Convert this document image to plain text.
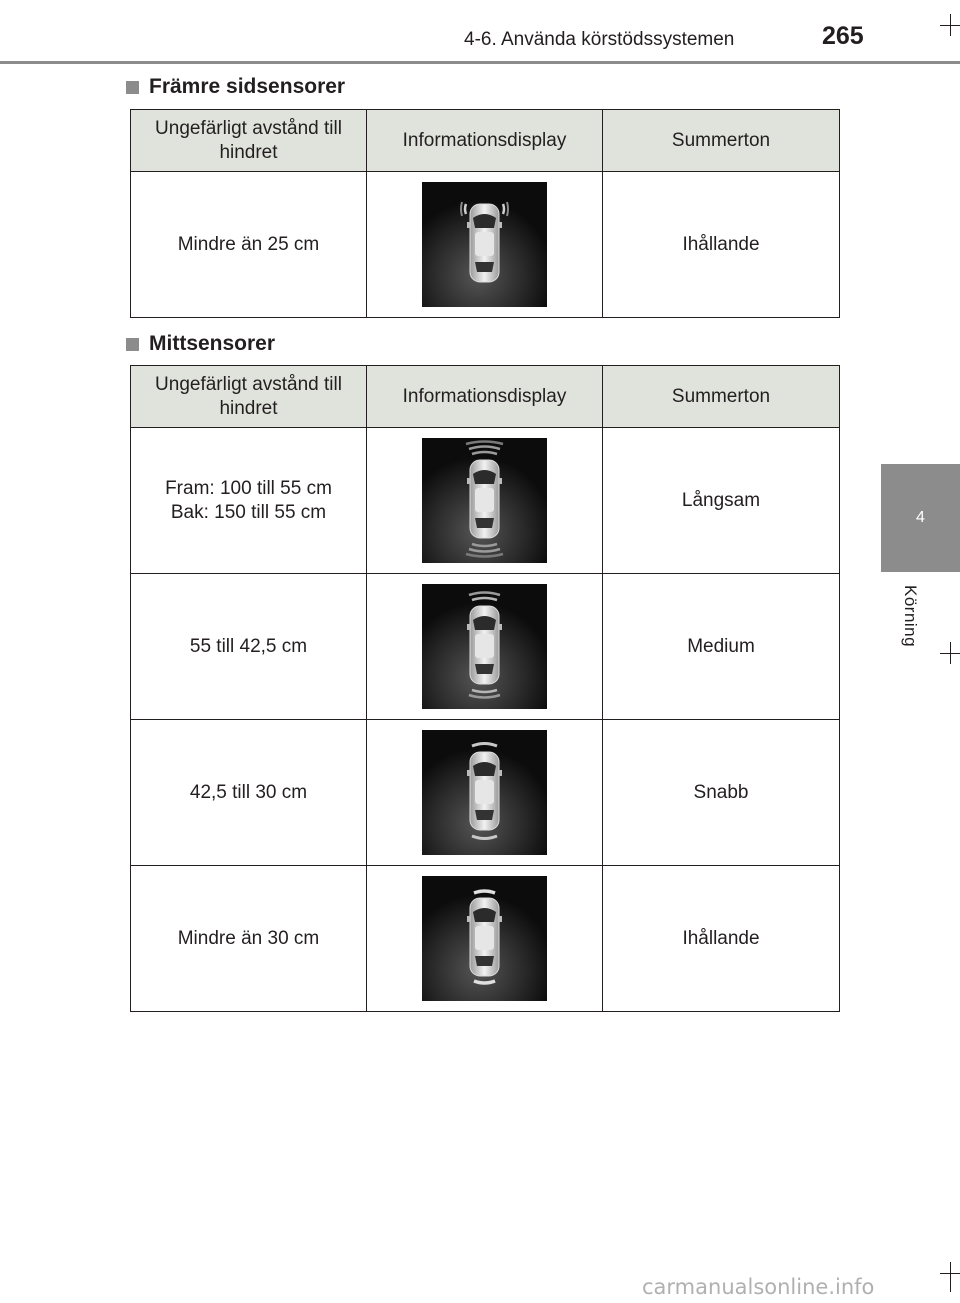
4-6. Använda körstödssystemen	265
4
Körning
Främre sidsensorer
Ungefärligt avstånd till hindret	Informationsdisplay	Summerton

Mindre än 25 cm		Ihållande
Mittsensorer
Ungefärligt avstånd till hindret	Informationsdisplay	Summerton

Fram: 100 till 55 cm
Bak: 150 till 55 cm		Långsam

55 till 42,5 cm		Medium

42,5 till 30 cm		Snabb

Mindre än 30 cm		Ihållande
carmanualsonline.info
